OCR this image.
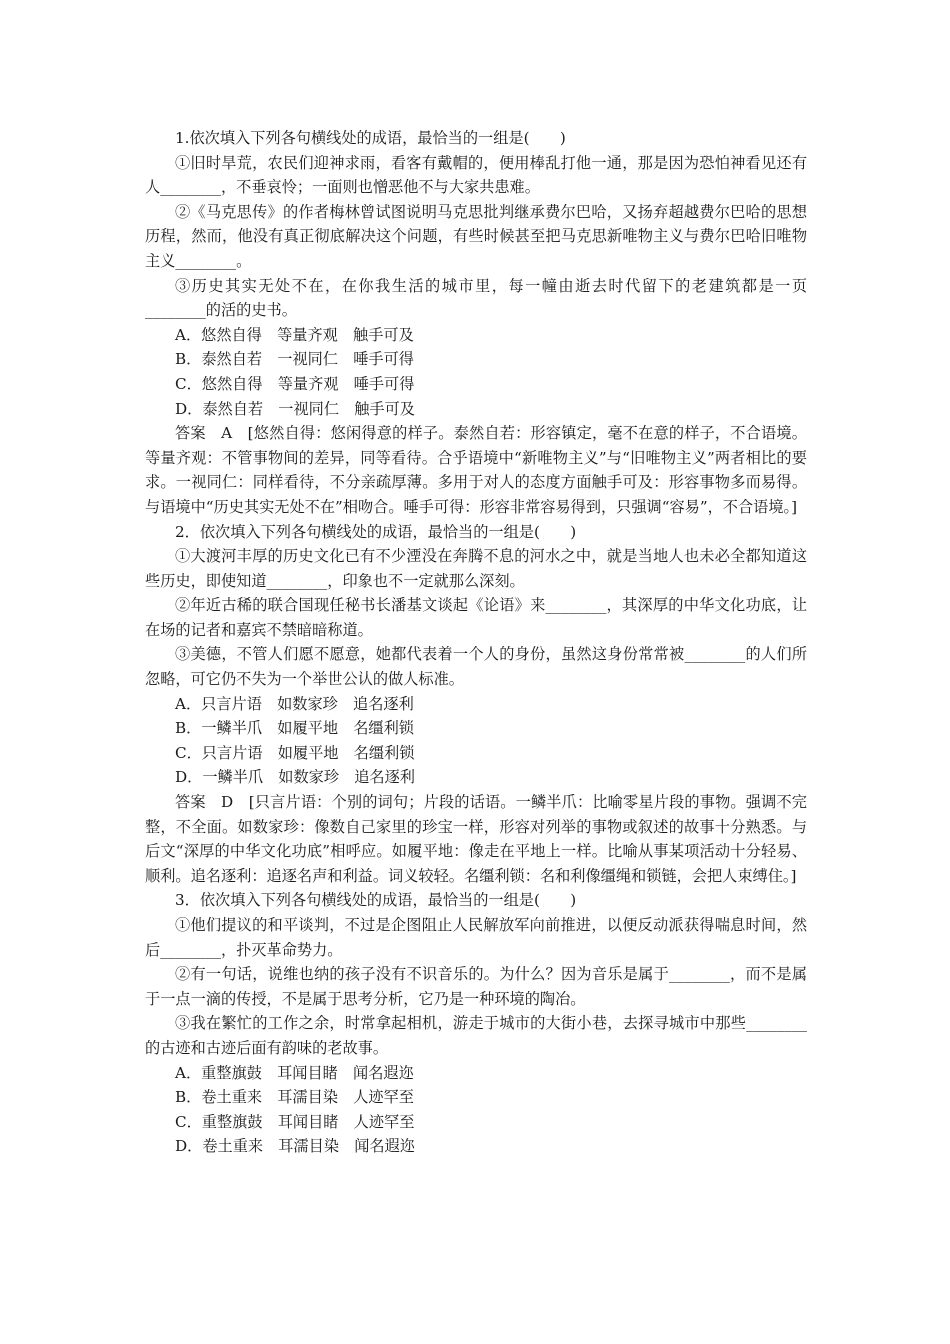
1.依次填入下列各句横线处的成语，最恰当的一组是(　　)

①旧时旱荒，农民们迎神求雨，看客有戴帽的，便用棒乱打他一通，那是因为恐怕神看见还有人________，不垂哀怜；一面则也憎恶他不与大家共患难。

②《马克思传》的作者梅林曾试图说明马克思批判继承费尔巴哈，又扬弃超越费尔巴哈的思想历程，然而，他没有真正彻底解决这个问题，有些时候甚至把马克思新唯物主义与费尔巴哈旧唯物主义________。

③历史其实无处不在，在你我生活的城市里，每一幢由逝去时代留下的老建筑都是一页________的活的史书。

A．悠然自得　等量齐观　触手可及

B．泰然自若　一视同仁　唾手可得

C．悠然自得　等量齐观　唾手可得

D．泰然自若　一视同仁　触手可及

答案　A　[悠然自得：悠闲得意的样子。泰然自若：形容镇定，毫不在意的样子，不合语境。等量齐观：不管事物间的差异，同等看待。合乎语境中“新唯物主义”与“旧唯物主义”两者相比的要求。一视同仁：同样看待，不分亲疏厚薄。多用于对人的态度方面触手可及：形容事物多而易得。与语境中“历史其实无处不在”相吻合。唾手可得：形容非常容易得到，只强调“容易”，不合语境。]

2．依次填入下列各句横线处的成语，最恰当的一组是(　　)

①大渡河丰厚的历史文化已有不少湮没在奔腾不息的河水之中，就是当地人也未必全都知道这些历史，即使知道________，印象也不一定就那么深刻。

②年近古稀的联合国现任秘书长潘基文谈起《论语》来________，其深厚的中华文化功底，让在场的记者和嘉宾不禁暗暗称道。

③美德，不管人们愿不愿意，她都代表着一个人的身份，虽然这身份常常被________的人们所忽略，可它仍不失为一个举世公认的做人标准。

A．只言片语　如数家珍　追名逐利

B．一鳞半爪　如履平地　名缰利锁

C．只言片语　如履平地　名缰利锁

D．一鳞半爪　如数家珍　追名逐利

答案　D　[只言片语：个别的词句；片段的话语。一鳞半爪：比喻零星片段的事物。强调不完整，不全面。如数家珍：像数自己家里的珍宝一样，形容对列举的事物或叙述的故事十分熟悉。与后文“深厚的中华文化功底”相呼应。如履平地：像走在平地上一样。比喻从事某项活动十分轻易、顺利。追名逐利：追逐名声和利益。词义较轻。名缰利锁：名和利像缰绳和锁链，会把人束缚住。]

3．依次填入下列各句横线处的成语，最恰当的一组是(　　)

①他们提议的和平谈判，不过是企图阻止人民解放军向前推进，以便反动派获得喘息时间，然后________，扑灭革命势力。

②有一句话，说维也纳的孩子没有不识音乐的。为什么？因为音乐是属于________，而不是属于一点一滴的传授，不是属于思考分析，它乃是一种环境的陶冶。

③我在繁忙的工作之余，时常拿起相机，游走于城市的大街小巷，去探寻城市中那些________的古迹和古迹后面有韵味的老故事。

A．重整旗鼓　耳闻目睹　闻名遐迩

B．卷土重来　耳濡目染　人迹罕至

C．重整旗鼓　耳闻目睹　人迹罕至

D．卷土重来　耳濡目染　闻名遐迩
